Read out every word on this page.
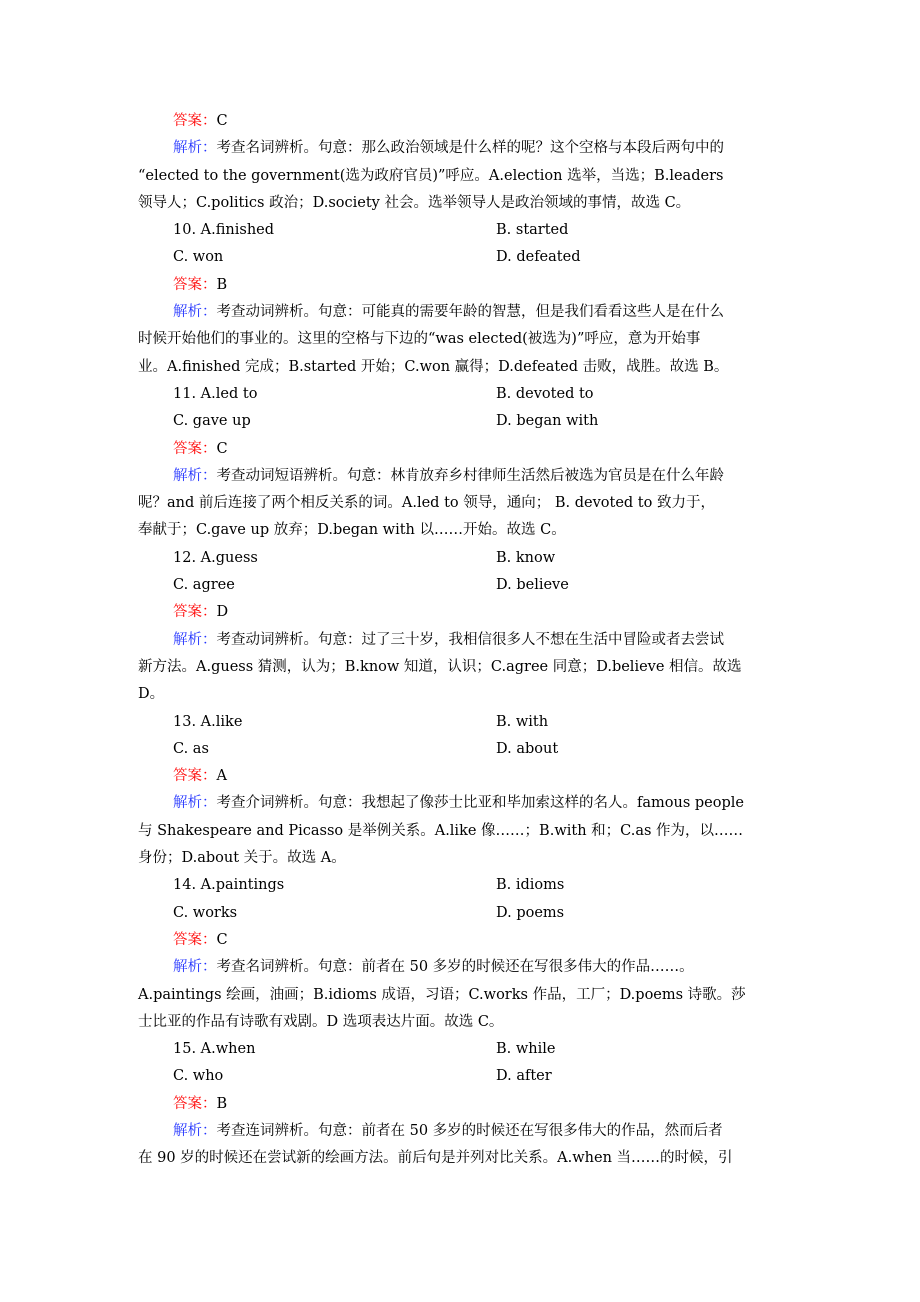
答案：C
解析：考查名词辨析。句意：那么政治领域是什么样的呢？这个空格与本段后两句中的
“elected to the government(选为政府官员)”呼应。A.election 选举，当选；B.leaders
领导人；C.politics 政治；D.society 社会。选举领导人是政治领域的事情，故选 C。
10. A.finished	B. started
C. won	D. defeated
答案：B
解析：考查动词辨析。句意：可能真的需要年龄的智慧，但是我们看看这些人是在什么
时候开始他们的事业的。这里的空格与下边的“was elected(被选为)”呼应，意为开始事
业。A.finished 完成；B.started 开始；C.won 赢得；D.defeated 击败，战胜。故选 B。
11. A.led to	B. devoted to
C. gave up	D. began with
答案：C
解析：考查动词短语辨析。句意：林肯放弃乡村律师生活然后被选为官员是在什么年龄
呢？and 前后连接了两个相反关系的词。A.led to 领导，通向； B. devoted to 致力于，
奉献于；C.gave up 放弃；D.began with 以……开始。故选 C。
12. A.guess	B. know
C. agree	D. believe
答案：D
解析：考查动词辨析。句意：过了三十岁，我相信很多人不想在生活中冒险或者去尝试
新方法。A.guess 猜测，认为；B.know 知道，认识；C.agree 同意；D.believe 相信。故选
D。
13. A.like	B. with
C. as	D. about
答案：A
解析：考查介词辨析。句意：我想起了像莎士比亚和毕加索这样的名人。famous people
与 Shakespeare and Picasso 是举例关系。A.like 像……；B.with 和；C.as 作为，以……
身份；D.about 关于。故选 A。
14. A.paintings	B. idioms
C. works	D. poems
答案：C
解析：考查名词辨析。句意：前者在 50 多岁的时候还在写很多伟大的作品……。
A.paintings 绘画，油画；B.idioms 成语，习语；C.works 作品，工厂；D.poems 诗歌。莎
士比亚的作品有诗歌有戏剧。D 选项表达片面。故选 C。
15. A.when	B. while
C. who	D. after
答案：B
解析：考查连词辨析。句意：前者在 50 多岁的时候还在写很多伟大的作品，然而后者
在 90 岁的时候还在尝试新的绘画方法。前后句是并列对比关系。A.when 当……的时候，引
